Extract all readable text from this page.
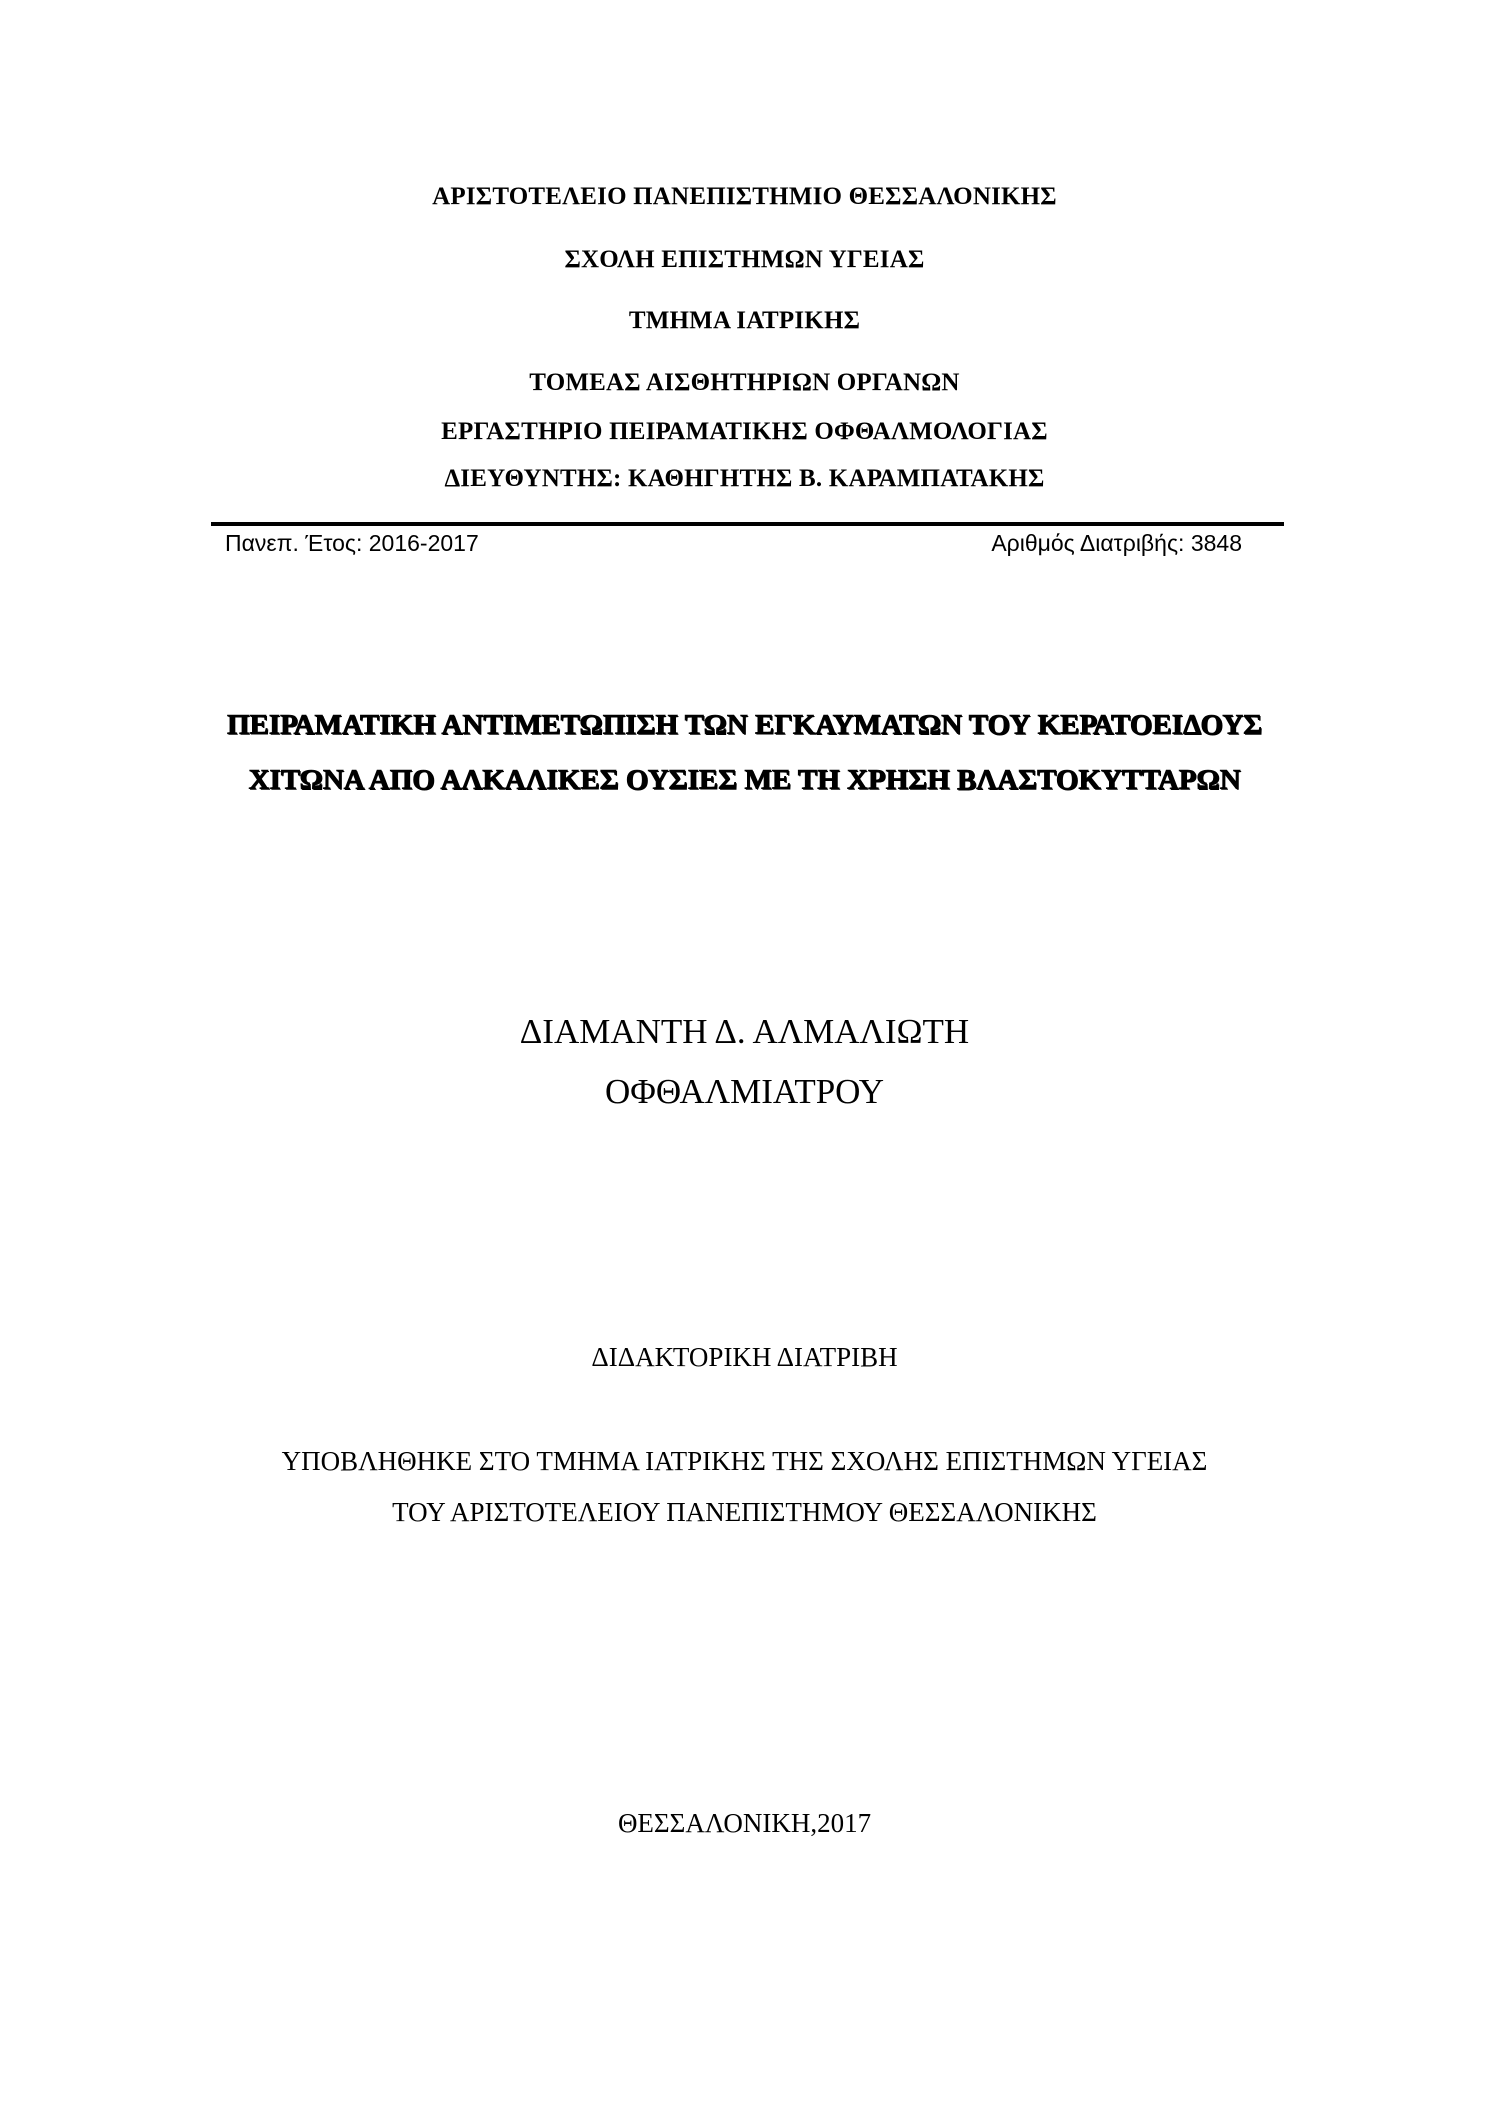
ΑΡΙΣΤΟΤΕΛΕΙΟ ΠΑΝΕΠΙΣΤΗΜΙΟ ΘΕΣΣΑΛΟΝΙΚΗΣ
ΣΧΟΛΗ ΕΠΙΣΤΗΜΩΝ ΥΓΕΙΑΣ
ΤΜΗΜΑ ΙΑΤΡΙΚΗΣ
ΤΟΜΕΑΣ ΑΙΣΘΗΤΗΡΙΩΝ ΟΡΓΑΝΩΝ
ΕΡΓΑΣΤΗΡΙΟ ΠΕΙΡΑΜΑΤΙΚΗΣ ΟΦΘΑΛΜΟΛΟΓΙΑΣ
ΔΙΕΥΘΥΝΤΗΣ: ΚΑΘΗΓΗΤΗΣ Β. ΚΑΡΑΜΠΑΤΑΚΗΣ
Πανεπ. Έτος: 2016-2017	Αριθμός Διατριβής: 3848
ΠΕΙΡΑΜΑΤΙΚΗ ΑΝΤΙΜΕΤΩΠΙΣΗ ΤΩΝ ΕΓΚΑΥΜΑΤΩΝ ΤΟΥ ΚΕΡΑΤΟΕΙΔΟΥΣ
ΧΙΤΩΝΑ ΑΠΟ ΑΛΚΑΛΙΚΕΣ ΟΥΣΙΕΣ ΜΕ ΤΗ ΧΡΗΣΗ ΒΛΑΣΤΟΚΥΤΤΑΡΩΝ
ΔΙΑΜΑΝΤΗ Δ. ΑΛΜΑΛΙΩΤΗ
ΟΦΘΑΛΜΙΑΤΡΟΥ
ΔΙΔΑΚΤΟΡΙΚΗ ΔΙΑΤΡΙΒΗ
ΥΠΟΒΛΗΘΗΚΕ ΣΤΟ ΤΜΗΜΑ ΙΑΤΡΙΚΗΣ ΤΗΣ ΣΧΟΛΗΣ ΕΠΙΣΤΗΜΩΝ ΥΓΕΙΑΣ
ΤΟΥ ΑΡΙΣΤΟΤΕΛΕΙΟΥ ΠΑΝΕΠΙΣΤΗΜΟΥ ΘΕΣΣΑΛΟΝΙΚΗΣ
ΘΕΣΣΑΛΟΝΙΚΗ,2017
